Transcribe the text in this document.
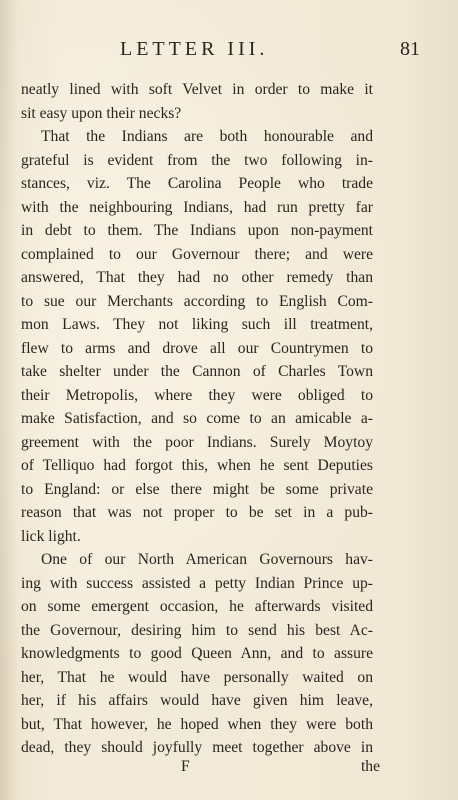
LETTER III.	81
neatly lined with soft Velvet in order to make it
sit easy upon their necks?
That the Indians are both honourable and
grateful is evident from the two following in-
stances, viz. The Carolina People who trade
with the neighbouring Indians, had run pretty far
in debt to them. The Indians upon non-payment
complained to our Governour there; and were
answered, That they had no other remedy than
to sue our Merchants according to English Com-
mon Laws. They not liking such ill treatment,
flew to arms and drove all our Countrymen to
take shelter under the Cannon of Charles Town
their Metropolis, where they were obliged to
make Satisfaction, and so come to an amicable a-
greement with the poor Indians. Surely Moytoy
of Telliquo had forgot this, when he sent Deputies
to England: or else there might be some private
reason that was not proper to be set in a pub-
lick light.
One of our North American Governours hav-
ing with success assisted a petty Indian Prince up-
on some emergent occasion, he afterwards visited
the Governour, desiring him to send his best Ac-
knowledgments to good Queen Ann, and to assure
her, That he would have personally waited on
her, if his affairs would have given him leave,
but, That however, he hoped when they were both
dead, they should joyfully meet together above in
F	the
